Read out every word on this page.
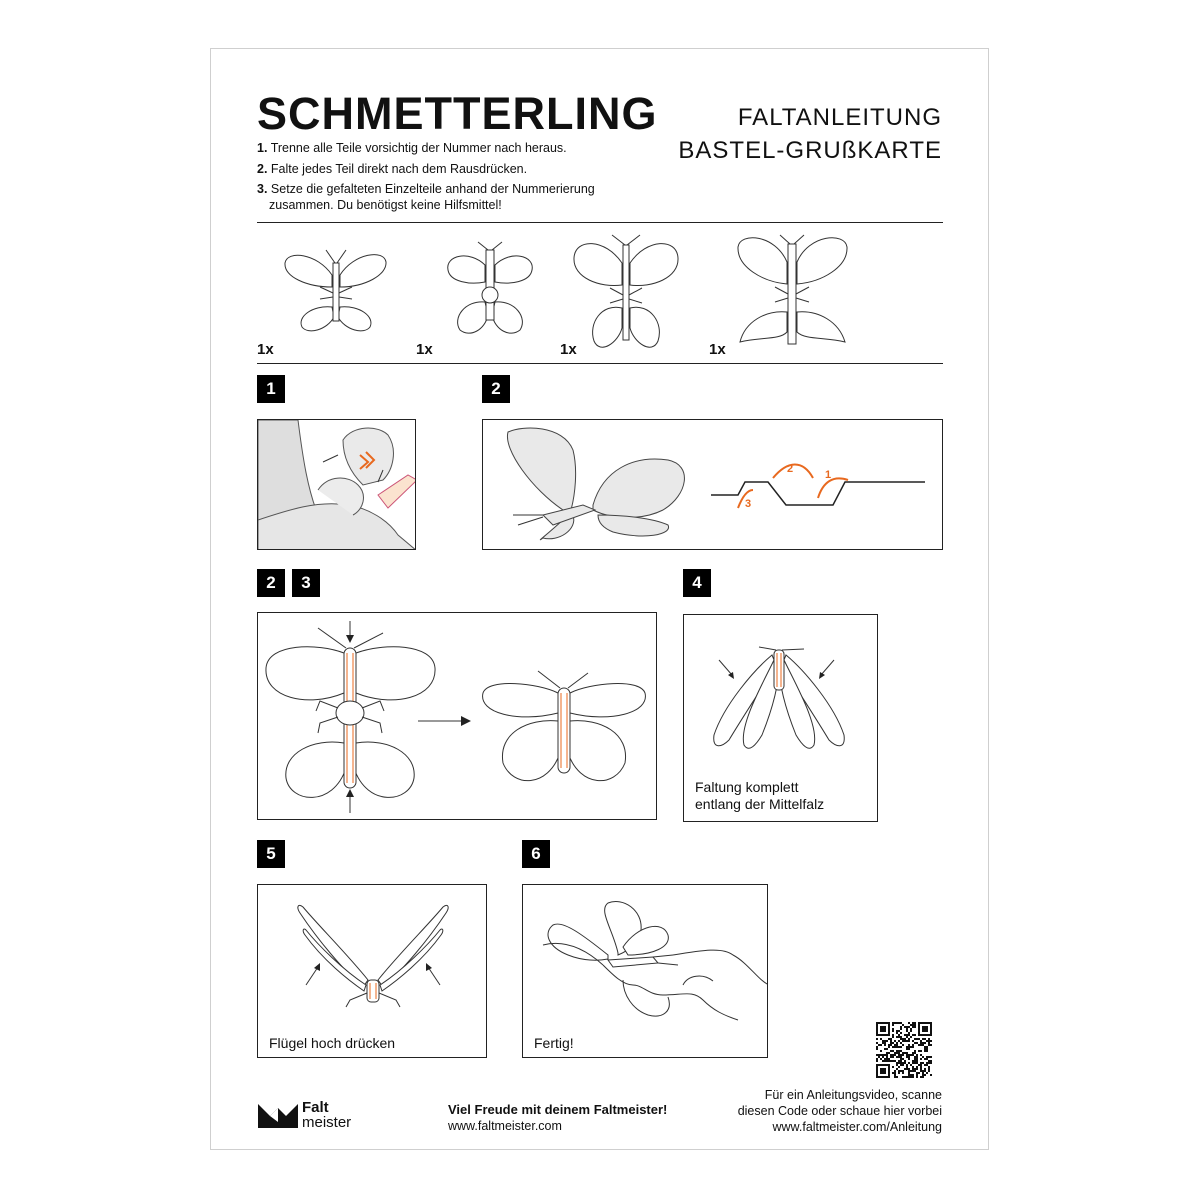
SCHMETTERLING	FALTANLEITUNG
BASTEL-GRUßKARTE
1. Trenne alle Teile vorsichtig der Nummer nach heraus.
2. Falte jedes Teil direkt nach dem Rausdrücken.
3. Setze die gefalteten Einzelteile anhand der Nummerierung
zusammen. Du benötigst keine Hilfsmittel!
1x	1x	1x	1x
1	2
2	1
3
2	3	4
Faltung komplett
entlang der Mittelfalz
5
Flügel hoch drücken
6
Fertig!
Falt
meister
Viel Freude mit deinem Faltmeister!
www.faltmeister.com
Für ein Anleitungsvideo, scanne
diesen Code oder schaue hier vorbei
www.faltmeister.com/Anleitung
